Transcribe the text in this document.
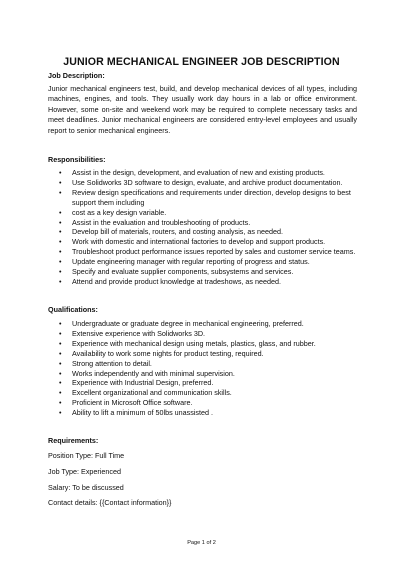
JUNIOR MECHANICAL ENGINEER JOB DESCRIPTION
Job Description:
Junior mechanical engineers test, build, and develop mechanical devices of all types, including machines, engines, and tools. They usually work day hours in a lab or office environment. However, some on-site and weekend work may be required to complete necessary tasks and meet deadlines. Junior mechanical engineers are considered entry-level employees and usually report to senior mechanical engineers.
Responsibilities:
• Assist in the design, development, and evaluation of new and existing products.
• Use Solidworks 3D software to design, evaluate, and archive product documentation.
• Review design specifications and requirements under direction, develop designs to best support them including
• cost as a key design variable.
• Assist in the evaluation and troubleshooting of products.
• Develop bill of materials, routers, and costing analysis, as needed.
• Work with domestic and international factories to develop and support products.
• Troubleshoot product performance issues reported by sales and customer service teams.
• Update engineering manager with regular reporting of progress and status.
• Specify and evaluate supplier components, subsystems and services.
• Attend and provide product knowledge at tradeshows, as needed.
Qualifications:
• Undergraduate or graduate degree in mechanical engineering, preferred.
• Extensive experience with Solidworks 3D.
• Experience with mechanical design using metals, plastics, glass, and rubber.
• Availability to work some nights for product testing, required.
• Strong attention to detail.
• Works independently and with minimal supervision.
• Experience with Industrial Design, preferred.
• Excellent organizational and communication skills.
• Proficient in Microsoft Office software.
• Ability to lift a minimum of 50lbs unassisted .
Requirements:
Position Type: Full Time
Job Type: Experienced
Salary: To be discussed
Contact details: {{Contact information}}
Page 1 of 2
